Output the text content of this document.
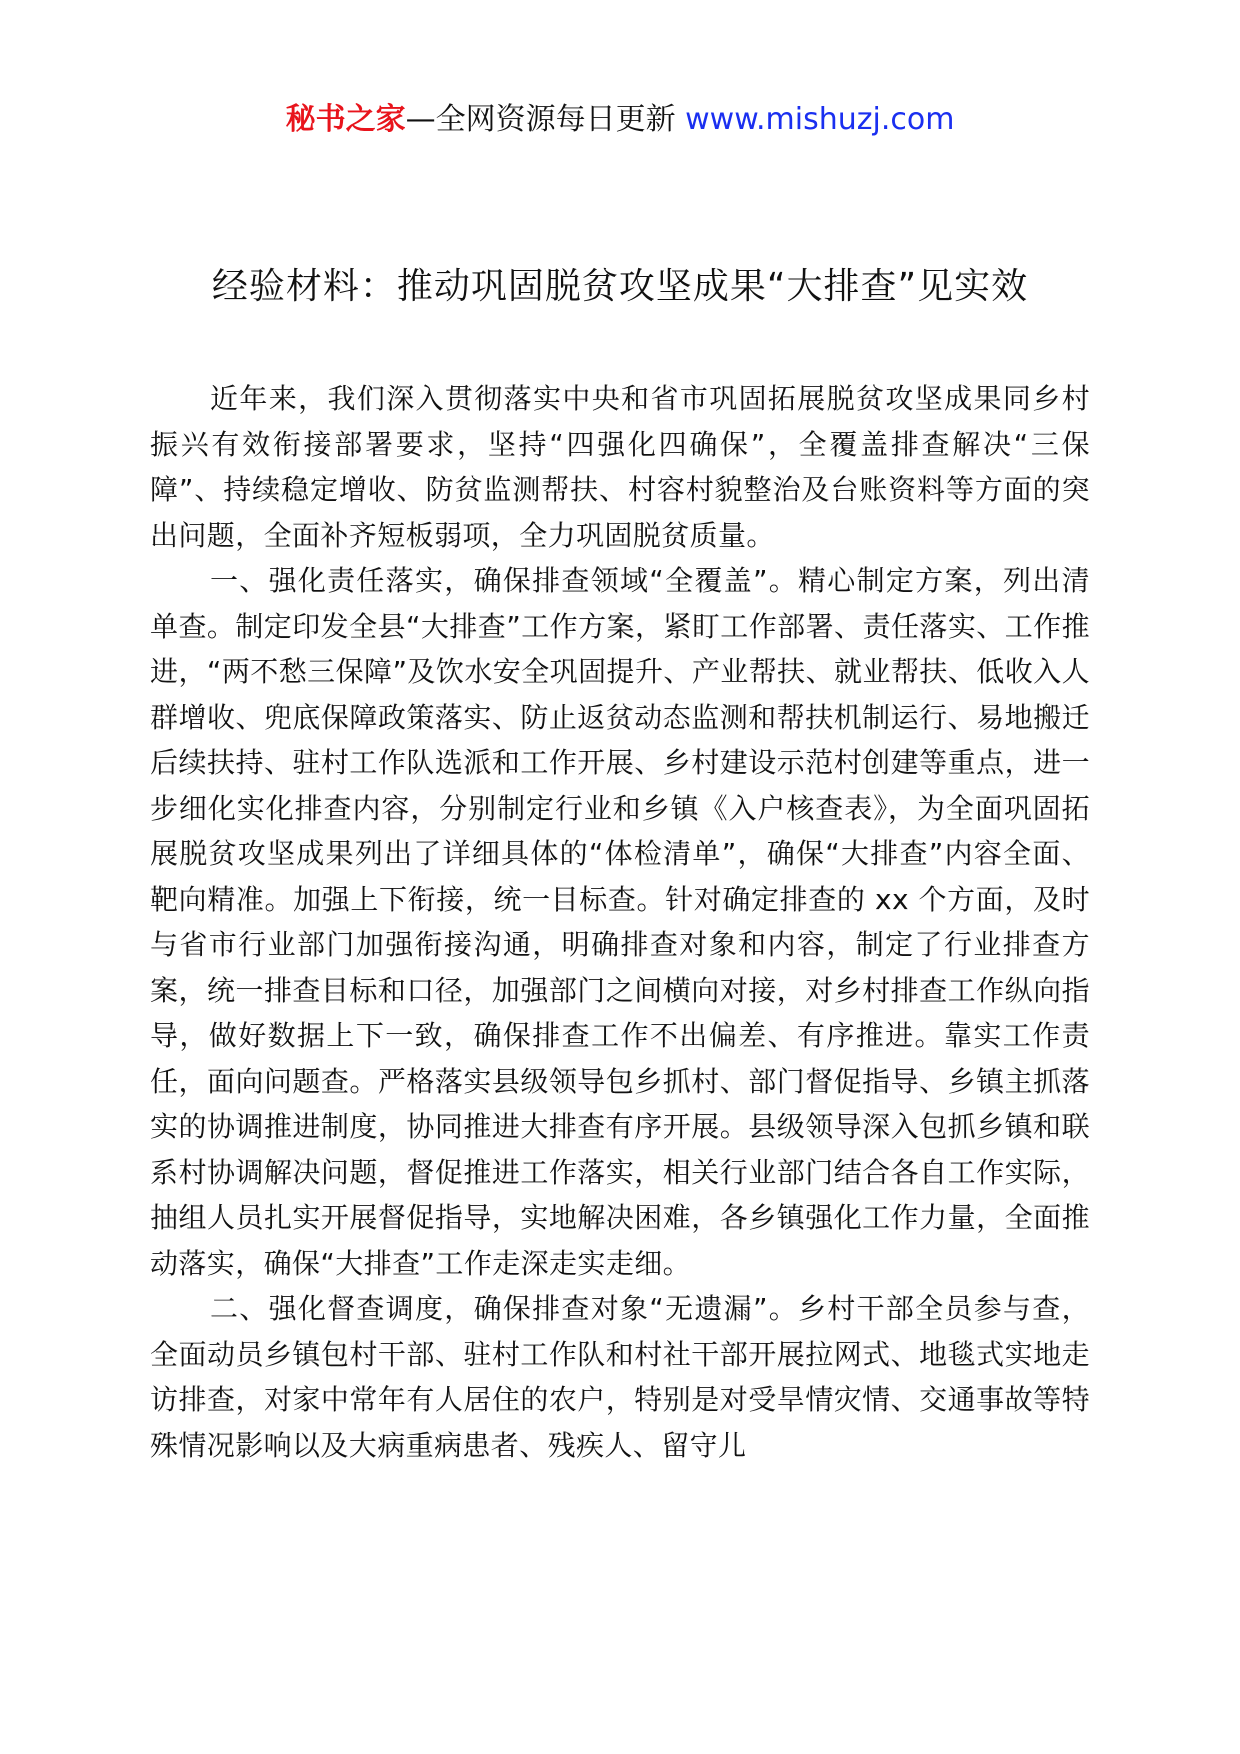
秘书之家—全网资源每日更新 www.mishuzj.com
经验材料：推动巩固脱贫攻坚成果“大排查”见实效

近年来，我们深入贯彻落实中央和省市巩固拓展脱贫攻坚成果同乡村振兴有效衔接部署要求，坚持“四强化四确保”，全覆盖排查解决“三保障”、持续稳定增收、防贫监测帮扶、村容村貌整治及台账资料等方面的突出问题，全面补齐短板弱项，全力巩固脱贫质量。

一、强化责任落实，确保排查领域“全覆盖”。精心制定方案，列出清单查。制定印发全县“大排查”工作方案，紧盯工作部署、责任落实、工作推进，“两不愁三保障”及饮水安全巩固提升、产业帮扶、就业帮扶、低收入人群增收、兜底保障政策落实、防止返贫动态监测和帮扶机制运行、易地搬迁后续扶持、驻村工作队选派和工作开展、乡村建设示范村创建等重点，进一步细化实化排查内容，分别制定行业和乡镇《入户核查表》，为全面巩固拓展脱贫攻坚成果列出了详细具体的“体检清单”，确保“大排查”内容全面、靶向精准。加强上下衔接，统一目标查。针对确定排查的 xx 个方面，及时与省市行业部门加强衔接沟通，明确排查对象和内容，制定了行业排查方案，统一排查目标和口径，加强部门之间横向对接，对乡村排查工作纵向指导，做好数据上下一致，确保排查工作不出偏差、有序推进。靠实工作责任，面向问题查。严格落实县级领导包乡抓村、部门督促指导、乡镇主抓落实的协调推进制度，协同推进大排查有序开展。县级领导深入包抓乡镇和联系村协调解决问题，督促推进工作落实，相关行业部门结合各自工作实际，抽组人员扎实开展督促指导，实地解决困难，各乡镇强化工作力量，全面推动落实，确保“大排查”工作走深走实走细。

二、强化督查调度，确保排查对象“无遗漏”。乡村干部全员参与查，全面动员乡镇包村干部、驻村工作队和村社干部开展拉网式、地毯式实地走访排查，对家中常年有人居住的农户，特别是对受旱情灾情、交通事故等特殊情况影响以及大病重病患者、残疾人、留守儿
